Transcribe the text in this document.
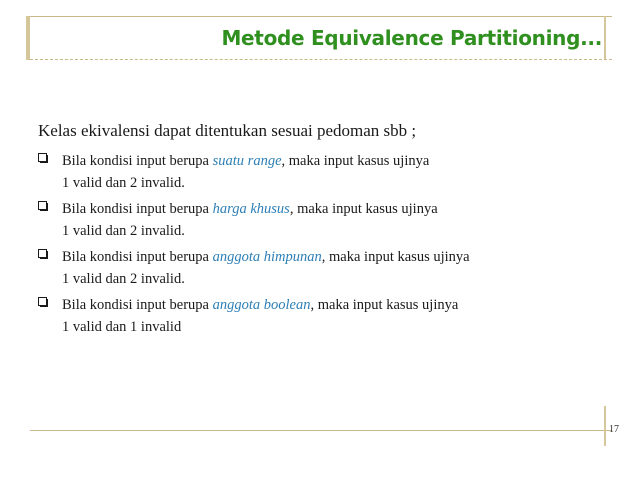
Metode Equivalence Partitioning...
Kelas ekivalensi dapat ditentukan sesuai pedoman sbb ;
Bila kondisi input berupa suatu range, maka input kasus ujinya
1 valid dan 2 invalid.
Bila kondisi input berupa harga khusus, maka input kasus ujinya
1 valid dan 2 invalid.
Bila kondisi input berupa anggota himpunan, maka input kasus ujinya
1 valid dan 2 invalid.
Bila kondisi input berupa anggota boolean, maka input kasus ujinya
1 valid dan 1 invalid
17
